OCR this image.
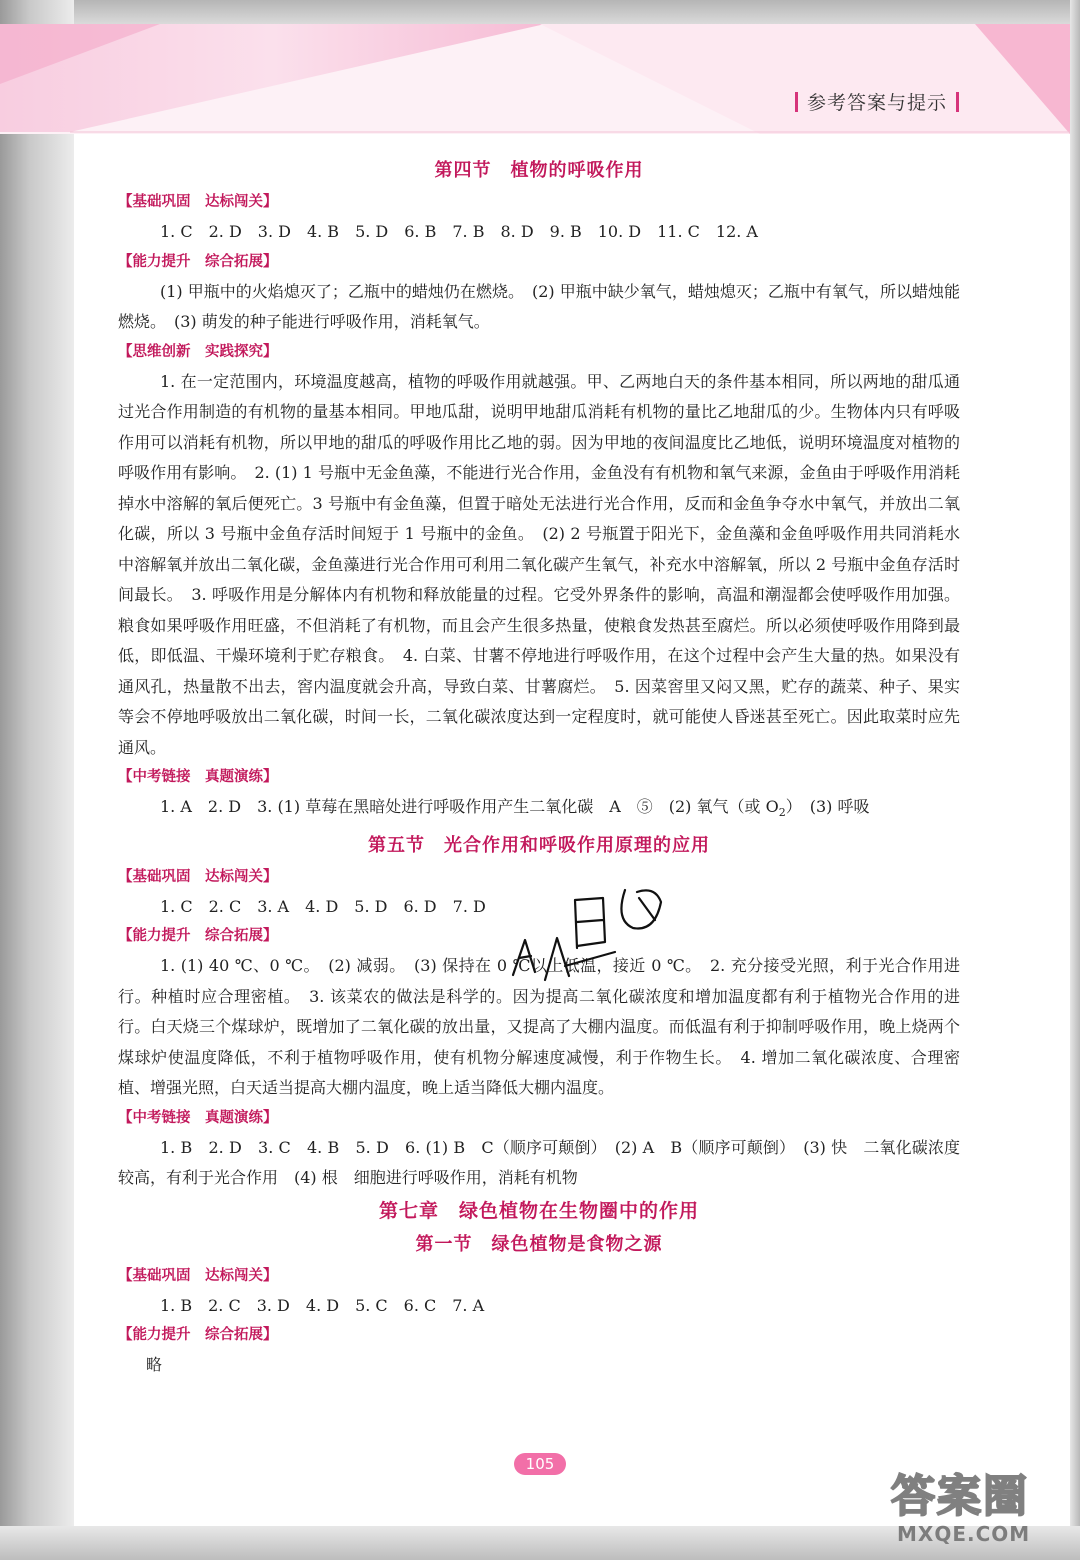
参考答案与提示
第四节　植物的呼吸作用
【基础巩固　达标闯关】
1. C　2. D　3. D　4. B　5. D　6. B　7. B　8. D　9. B　10. D　11. C　12. A
【能力提升　综合拓展】
(1) 甲瓶中的火焰熄灭了；乙瓶中的蜡烛仍在燃烧。　(2) 甲瓶中缺少氧气，蜡烛熄灭；乙瓶中有氧气，所以蜡烛能燃烧。　(3) 萌发的种子能进行呼吸作用，消耗氧气。
【思维创新　实践探究】
1. 在一定范围内，环境温度越高，植物的呼吸作用就越强。甲、乙两地白天的条件基本相同，所以两地的甜瓜通过光合作用制造的有机物的量基本相同。甲地瓜甜，说明甲地甜瓜消耗有机物的量比乙地甜瓜的少。生物体内只有呼吸作用可以消耗有机物，所以甲地的甜瓜的呼吸作用比乙地的弱。因为甲地的夜间温度比乙地低，说明环境温度对植物的呼吸作用有影响。　2. (1) 1 号瓶中无金鱼藻，不能进行光合作用，金鱼没有有机物和氧气来源，金鱼由于呼吸作用消耗掉水中溶解的氧后便死亡。3 号瓶中有金鱼藻，但置于暗处无法进行光合作用，反而和金鱼争夺水中氧气，并放出二氧化碳，所以 3 号瓶中金鱼存活时间短于 1 号瓶中的金鱼。　(2) 2 号瓶置于阳光下，金鱼藻和金鱼呼吸作用共同消耗水中溶解氧并放出二氧化碳，金鱼藻进行光合作用可利用二氧化碳产生氧气，补充水中溶解氧，所以 2 号瓶中金鱼存活时间最长。　3. 呼吸作用是分解体内有机物和释放能量的过程。它受外界条件的影响，高温和潮湿都会使呼吸作用加强。粮食如果呼吸作用旺盛，不但消耗了有机物，而且会产生很多热量，使粮食发热甚至腐烂。所以必须使呼吸作用降到最低，即低温、干燥环境利于贮存粮食。　4. 白菜、甘薯不停地进行呼吸作用，在这个过程中会产生大量的热。如果没有通风孔，热量散不出去，窖内温度就会升高，导致白菜、甘薯腐烂。　5. 因菜窖里又闷又黑，贮存的蔬菜、种子、果实等会不停地呼吸放出二氧化碳，时间一长，二氧化碳浓度达到一定程度时，就可能使人昏迷甚至死亡。因此取菜时应先通风。
【中考链接　真题演练】
1. A　2. D　3. (1) 草莓在黑暗处进行呼吸作用产生二氧化碳　A　⑤　(2) 氧气（或 $O_2$）　(3) 呼吸
第五节　光合作用和呼吸作用原理的应用
【基础巩固　达标闯关】
1. C　2. C　3. A　4. D　5. D　6. D　7. D
【能力提升　综合拓展】
1. (1) 40 ℃、0 ℃。　(2) 减弱。　(3) 保持在 0 ℃以上低温，接近 0 ℃。　2. 充分接受光照，利于光合作用进行。种植时应合理密植。　3. 该菜农的做法是科学的。因为提高二氧化碳浓度和增加温度都有利于植物光合作用的进行。白天烧三个煤球炉，既增加了二氧化碳的放出量，又提高了大棚内温度。而低温有利于抑制呼吸作用，晚上烧两个煤球炉使温度降低，不利于植物呼吸作用，使有机物分解速度减慢，利于作物生长。　4. 增加二氧化碳浓度、合理密植、增强光照，白天适当提高大棚内温度，晚上适当降低大棚内温度。
【中考链接　真题演练】
1. B　2. D　3. C　4. B　5. D　6. (1) B　C（顺序可颠倒）　(2) A　B（顺序可颠倒）　(3) 快　二氧化碳浓度较高，有利于光合作用　(4) 根　细胞进行呼吸作用，消耗有机物
第七章　绿色植物在生物圈中的作用
第一节　绿色植物是食物之源
【基础巩固　达标闯关】
1. B　2. C　3. D　4. D　5. C　6. C　7. A
【能力提升　综合拓展】
略
105
答案圈
MXQE.COM
